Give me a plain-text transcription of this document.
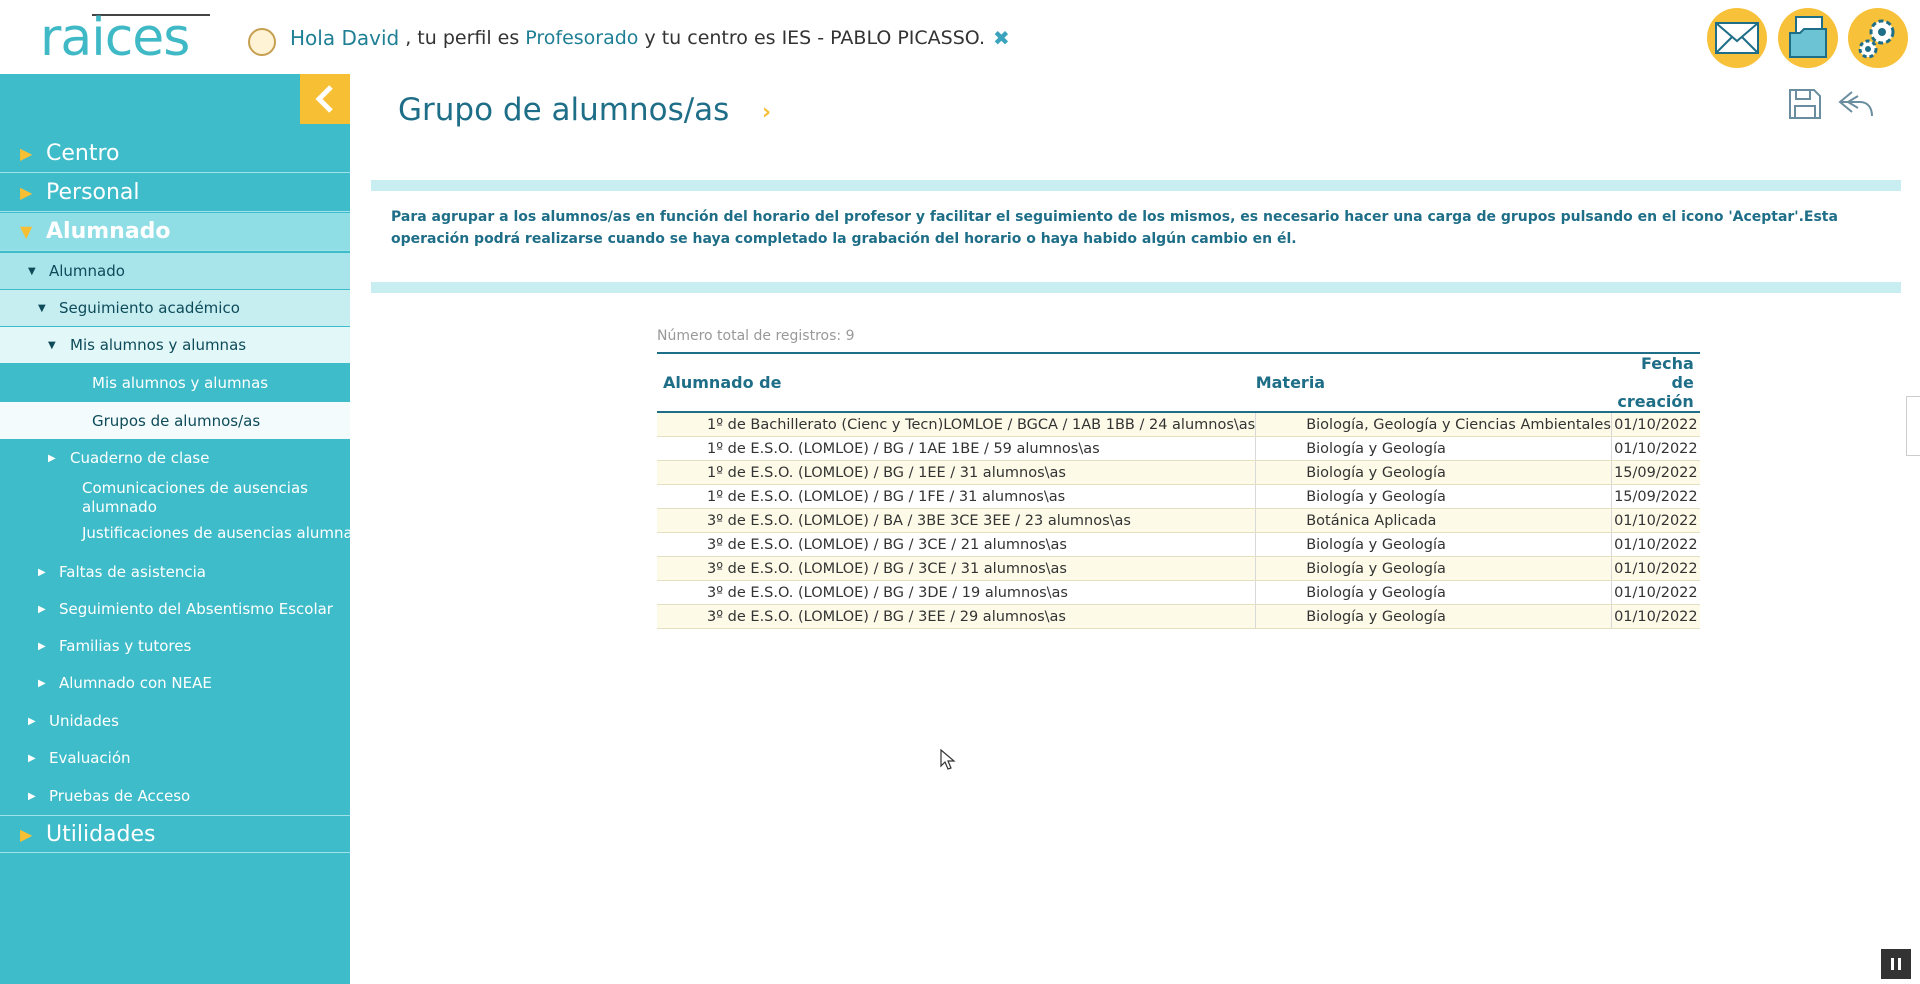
raices	Hola David , tu perfil es Profesorado y tu centro es IES - PABLO PICASSO. ✖
▶ Centro
▶ Personal
▼ Alumnado
▼ Alumnado
▼ Seguimiento académico
▼ Mis alumnos y alumnas
Mis alumnos y alumnas
Grupos de alumnos/as
▶ Cuaderno de clase
Comunicaciones de ausencias alumnado
Justificaciones de ausencias alumnado
▶ Faltas de asistencia
▶ Seguimiento del Absentismo Escolar
▶ Familias y tutores
▶ Alumnado con NEAE
▶ Unidades
▶ Evaluación
▶ Pruebas de Acceso
▶ Utilidades
Grupo de alumnos/as ›
Para agrupar a los alumnos/as en función del horario del profesor y facilitar el seguimiento de los mismos, es necesario hacer una carga de grupos pulsando en el icono 'Aceptar'.Esta operación podrá realizarse cuando se haya completado la grabación del horario o haya habido algún cambio en él.
Número total de registros: 9
Alumnado de	Materia	Fecha de creación
1º de Bachillerato (Cienc y Tecn)LOMLOE / BGCA / 1AB 1BB / 24 alumnos\as	Biología, Geología y Ciencias Ambientales	01/10/2022
1º de E.S.O. (LOMLOE) / BG / 1AE 1BE / 59 alumnos\as	Biología y Geología	01/10/2022
1º de E.S.O. (LOMLOE) / BG / 1EE / 31 alumnos\as	Biología y Geología	15/09/2022
1º de E.S.O. (LOMLOE) / BG / 1FE / 31 alumnos\as	Biología y Geología	15/09/2022
3º de E.S.O. (LOMLOE) / BA / 3BE 3CE 3EE / 23 alumnos\as	Botánica Aplicada	01/10/2022
3º de E.S.O. (LOMLOE) / BG / 3CE / 21 alumnos\as	Biología y Geología	01/10/2022
3º de E.S.O. (LOMLOE) / BG / 3CE / 31 alumnos\as	Biología y Geología	01/10/2022
3º de E.S.O. (LOMLOE) / BG / 3DE / 19 alumnos\as	Biología y Geología	01/10/2022
3º de E.S.O. (LOMLOE) / BG / 3EE / 29 alumnos\as	Biología y Geología	01/10/2022
